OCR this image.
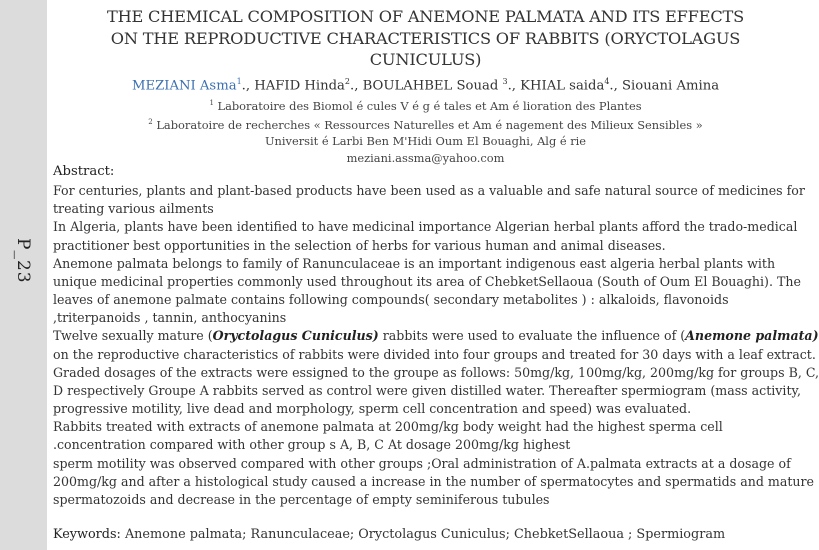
P_23
THE CHEMICAL COMPOSITION OF ANEMONE PALMATA AND ITS EFFECTS ON THE REPRODUCTIVE CHARACTERISTICS OF RABBITS (ORYCTOLAGUS CUNICULUS)
MEZIANI Asma$^1$., HAFID Hinda$^2$., BOULAHBEL Souad $^3$., KHIAL saida$^4$., Siouani Amina
$^1$ Laboratoire des Biomol é cules V é g é tales et Am é lioration des Plantes
$^2$ Laboratoire de recherches « Ressources Naturelles et Am é nagement des Milieux Sensibles »
Universit é Larbi Ben M'Hidi Oum El Bouaghi, Alg é rie
meziani.assma@yahoo.com
Abstract:
For centuries, plants and plant-based products have been used as a valuable and safe natural source of medicines for
treating various ailments
In Algeria, plants have been identified to have medicinal importance Algerian herbal plants afford the trado-medical
practitioner best opportunities in the selection of herbs for various human and animal diseases.
Anemone palmata belongs to family of Ranunculaceae is an important indigenous east algeria herbal plants with
unique medicinal properties commonly used throughout its area of ChebketSellaoua (South of Oum El Bouaghi). The
leaves of anemone palmate contains following compounds( secondary metabolites ) : alkaloids, flavonoids
,triterpanoids , tannin, anthocyanins
Twelve sexually mature (Oryctolagus Cuniculus) rabbits were used to evaluate the influence of (Anemone palmata)
on the reproductive characteristics of rabbits were divided into four groups and treated for 30 days with a leaf extract.
Graded dosages of the extracts were essigned to the groupe as follows: 50mg/kg, 100mg/kg, 200mg/kg for groups B, C,
D respectively Groupe A rabbits served as control were given distilled water. Thereafter spermiogram (mass activity,
progressive motility, live dead and morphology, sperm cell concentration and speed) was evaluated.
Rabbits treated with extracts of anemone palmata at 200mg/kg body weight had the highest sperma cell
.concentration compared with other group s A, B, C At dosage 200mg/kg highest
sperm motility was observed compared with other groups ;Oral administration of A.palmata extracts at a dosage of
200mg/kg and after a histological study caused a increase in the number of spermatocytes and spermatids and mature
spermatozoids and decrease in the percentage of empty seminiferous tubules
Keywords: Anemone palmata; Ranunculaceae; Oryctolagus Cuniculus; ChebketSellaoua ; Spermiogram
